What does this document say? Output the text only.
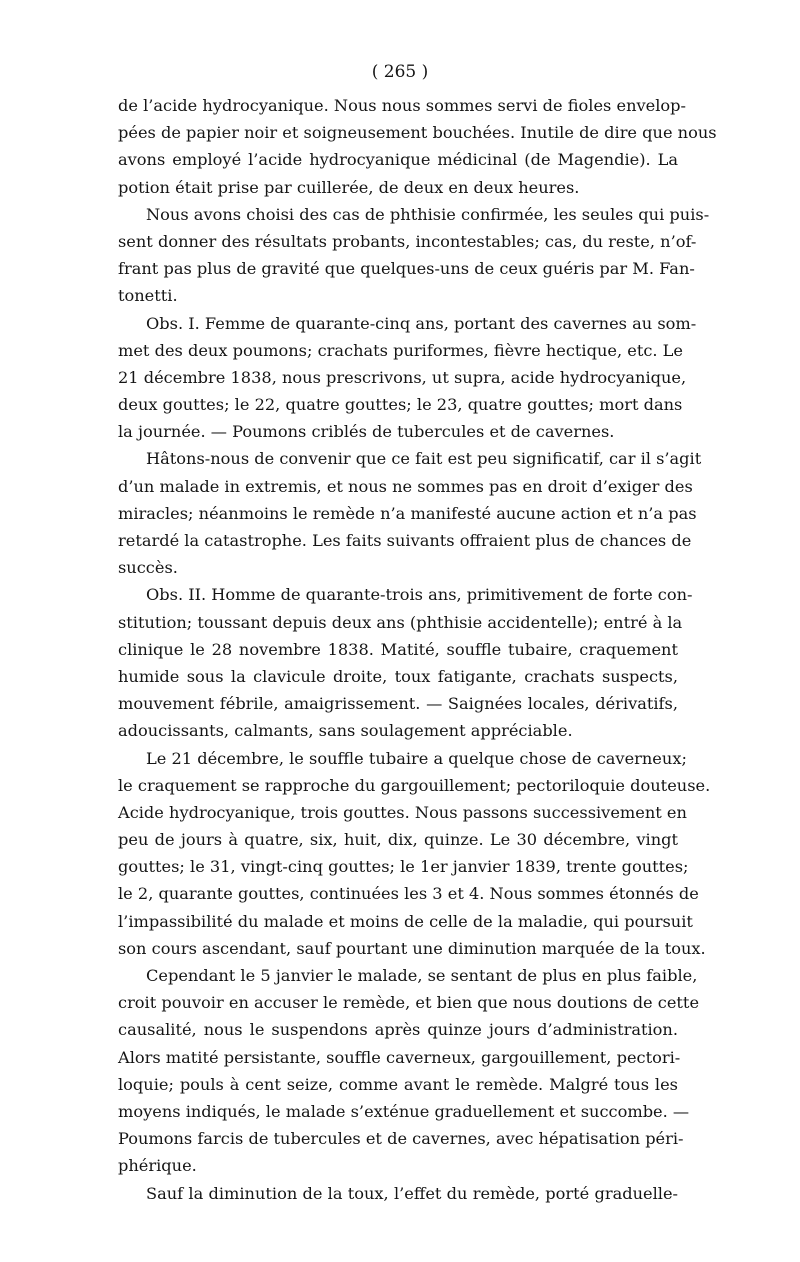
( 265 )
de l’acide hydrocyanique. Nous nous sommes servi de fioles envelop-
pées de papier noir et soigneusement bouchées. Inutile de dire que nous
avons employé l’acide hydrocyanique médicinal (de Magendie). La
potion était prise par cuillerée, de deux en deux heures.
Nous avons choisi des cas de phthisie confirmée, les seules qui puis-
sent donner des résultats probants, incontestables; cas, du reste, n’of-
frant pas plus de gravité que quelques-uns de ceux guéris par M. Fan-
tonetti.
Obs. I. Femme de quarante-cinq ans, portant des cavernes au som-
met des deux poumons; crachats puriformes, fièvre hectique, etc. Le
21 décembre 1838, nous prescrivons, ut supra, acide hydrocyanique,
deux gouttes; le 22, quatre gouttes; le 23, quatre gouttes; mort dans
la journée. — Poumons criblés de tubercules et de cavernes.
Hâtons-nous de convenir que ce fait est peu significatif, car il s’agit
d’un malade in extremis, et nous ne sommes pas en droit d’exiger des
miracles; néanmoins le remède n’a manifesté aucune action et n’a pas
retardé la catastrophe. Les faits suivants offraient plus de chances de
succès.
Obs. II. Homme de quarante-trois ans, primitivement de forte con-
stitution; toussant depuis deux ans (phthisie accidentelle); entré à la
clinique le 28 novembre 1838. Matité, souffle tubaire, craquement
humide sous la clavicule droite, toux fatigante, crachats suspects,
mouvement fébrile, amaigrissement. — Saignées locales, dérivatifs,
adoucissants, calmants, sans soulagement appréciable.
Le 21 décembre, le souffle tubaire a quelque chose de caverneux;
le craquement se rapproche du gargouillement; pectoriloquie douteuse.
Acide hydrocyanique, trois gouttes. Nous passons successivement en
peu de jours à quatre, six, huit, dix, quinze. Le 30 décembre, vingt
gouttes; le 31, vingt-cinq gouttes; le 1er janvier 1839, trente gouttes;
le 2, quarante gouttes, continuées les 3 et 4. Nous sommes étonnés de
l’impassibilité du malade et moins de celle de la maladie, qui poursuit
son cours ascendant, sauf pourtant une diminution marquée de la toux.
Cependant le 5 janvier le malade, se sentant de plus en plus faible,
croit pouvoir en accuser le remède, et bien que nous doutions de cette
causalité, nous le suspendons après quinze jours d’administration.
Alors matité persistante, souffle caverneux, gargouillement, pectori-
loquie; pouls à cent seize, comme avant le remède. Malgré tous les
moyens indiqués, le malade s’exténue graduellement et succombe. —
Poumons farcis de tubercules et de cavernes, avec hépatisation péri-
phérique.
Sauf la diminution de la toux, l’effet du remède, porté graduelle-
